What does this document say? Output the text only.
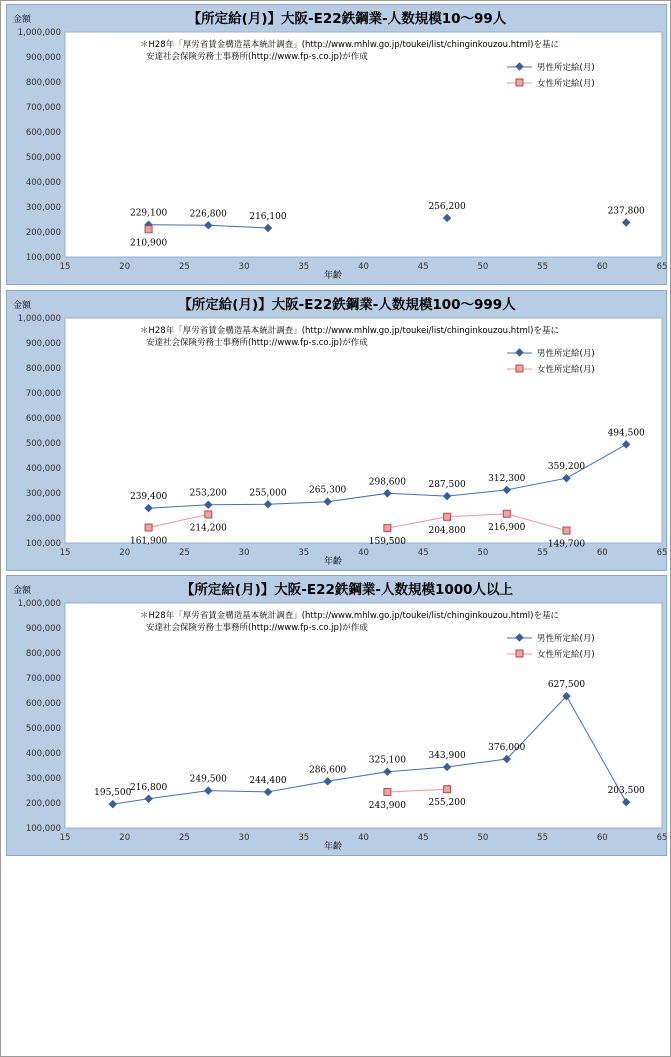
【所定給(月)】大阪-E22鉄鋼業-人数規模10～99人
金額
年齢
＊H28年「厚労省賃金構造基本統計調査」(http://www.mhlw.go.jp/toukei/list/chinginkouzou.html)を基に
安達社会保険労務士事務所(http://www.fp-s.co.jp)が作成
男性所定給(月)
女性所定給(月)
100,000
200,000
300,000
400,000
500,000
600,000
700,000
800,000
900,000
1,000,000
15	20	25	30	35	40	45	50	55	60	65
229,100 226,800 216,100
256,200	237,800
210,900
【所定給(月)】大阪-E22鉄鋼業-人数規模100～999人
金額
年齢
＊H28年「厚労省賃金構造基本統計調査」(http://www.mhlw.go.jp/toukei/list/chinginkouzou.html)を基に
安達社会保険労務士事務所(http://www.fp-s.co.jp)が作成
男性所定給(月)
女性所定給(月)
100,000
200,000
300,000
400,000
500,000
600,000
700,000
800,000
900,000
1,000,000
15	20	25	30	35	40	45	50	55	60	65
239,400 253,200 255,000 265,300
298,600 287,500
312,300
359,200
494,500
161,900
214,200
159,500
204,800 216,900
149,700
【所定給(月)】大阪-E22鉄鋼業-人数規模1000人以上
金額
年齢
＊H28年「厚労省賃金構造基本統計調査」(http://www.mhlw.go.jp/toukei/list/chinginkouzou.html)を基に
安達社会保険労務士事務所(http://www.fp-s.co.jp)が作成
男性所定給(月)
女性所定給(月)
100,000
200,000
300,000
400,000
500,000
600,000
700,000
800,000
900,000
1,000,000
15	20	25	30	35	40	45	50	55	60	65
195,500
216,800
249,500 244,400
286,600
325,100 343,900
376,000
627,500
203,500
243,900 255,200
